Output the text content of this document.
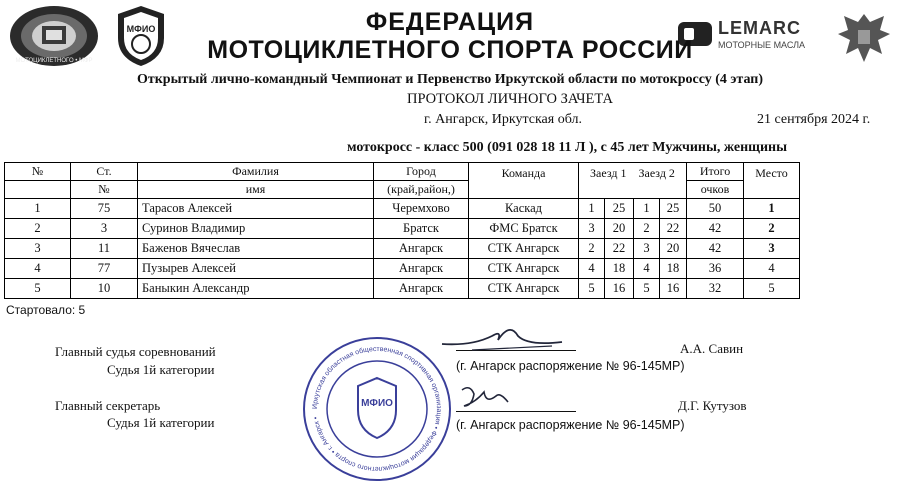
МОТОЦИКЛЕТНОГО • МФР
МФИО	LEMARC
МОТОРНЫЕ МАСЛА
ФЕДЕРАЦИЯ
МОТОЦИКЛЕТНОГО СПОРТА РОССИИ
Открытый лично-командный Чемпионат и Первенство Иркутской области по мотокроссу (4 этап)
ПРОТОКОЛ ЛИЧНОГО ЗАЧЕТА
г. Ангарск, Иркутская обл.	21 сентября 2024 г.
мотокросс - класс 500 (091 028 18 11 Л ), с 45 лет Мужчины, женщины
№	Ст.	Фамилия	Город	Команда	Заезд 1    Заезд 2				Итого	Место
	№	имя	(край,район,)						очков	
1	75	Тарасов Алексей	Черемхово	Каскад	1	25	1	25	50	1
2	3	Суринов Владимир	Братск	ФМС Братск	3	20	2	22	42	2
3	11	Баженов Вячеслав	Ангарск	СТК Ангарск	2	22	3	20	42	3
4	77	Пузырев Алексей	Ангарск	СТК Ангарск	4	18	4	18	36	4
5	10	Баныкин Александр	Ангарск	СТК Ангарск	5	16	5	16	32	5
Стартовало: 5
Главный судья соревнований
Судья 1й категории
А.А. Савин
(г. Ангарск распоряжение № 96-145МР)
Главный секретарь
Судья 1й категории
Д.Г. Кутузов
(г. Ангарск распоряжение № 96-145МР)
Иркутская областная общественная спортивная организация • Федерация мотоциклетного спорта • г. Ангарск •
МФИО
